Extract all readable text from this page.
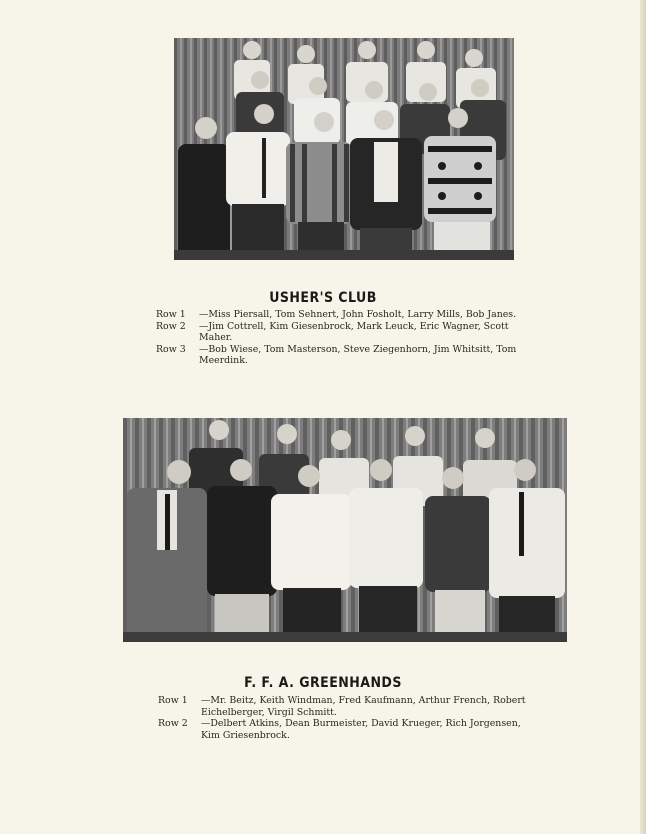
USHER'S CLUB
Row 1	—Miss Piersall, Tom Sehnert, John Fosholt, Larry Mills, Bob Janes.
Row 2	—Jim Cottrell, Kim Giesenbrock, Mark Leuck, Eric Wagner, Scott Maher.
Row 3	—Bob Wiese, Tom Masterson, Steve Ziegenhorn, Jim Whitsitt, Tom Meerdink.
F. F. A. GREENHANDS
Row 1	—Mr. Beitz, Keith Windman, Fred Kaufmann, Arthur French, Robert Eichelberger, Virgil Schmitt.
Row 2	—Delbert Atkins, Dean Burmeister, David Krueger, Rich Jorgensen, Kim Griesenbrock.
